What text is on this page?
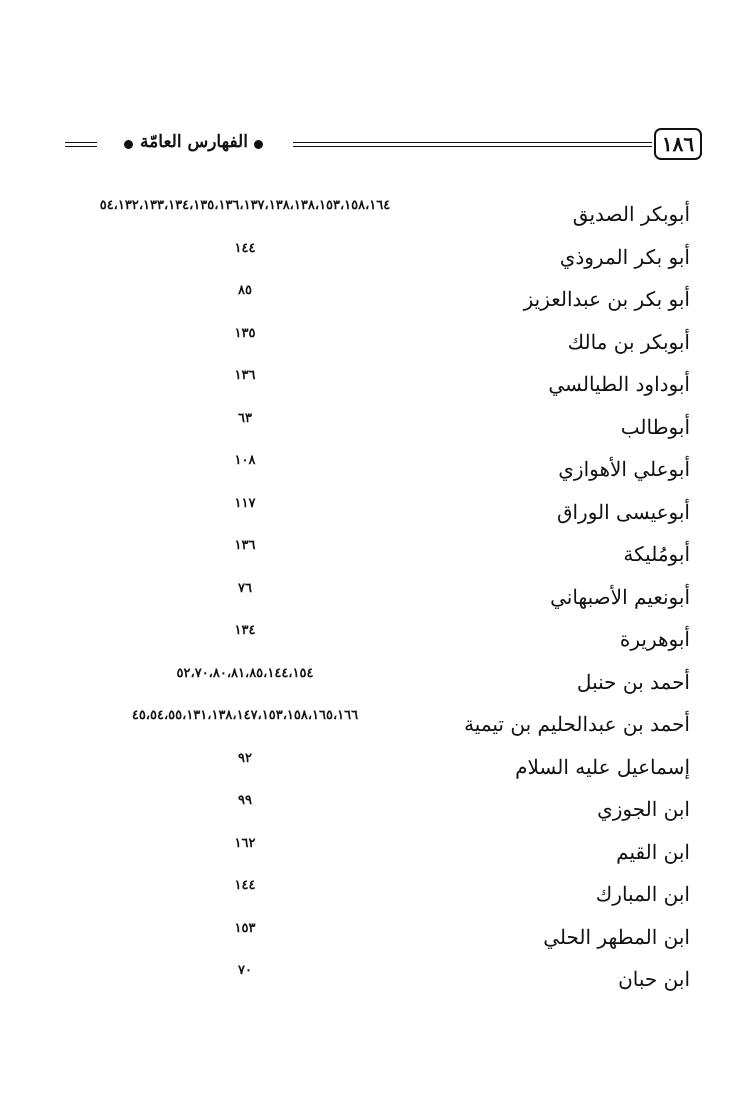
الفهارس العامّة	١٨٦
أبوبكر الصديق
٥٤،١٣٢،١٣٣،١٣٤،١٣٥،١٣٦،١٣٧،١٣٨،١٣٨،١٥٣،١٥٨،١٦٤
أبو بكر المروذي
١٤٤
أبو بكر بن عبدالعزيز
٨٥
أبوبكر بن مالك
١٣٥
أبوداود الطيالسي
١٣٦
أبوطالب
٦٣
أبوعلي الأهوازي
١٠٨
أبوعيسى الوراق
١١٧
أبومُليكة
١٣٦
أبونعيم الأصبهاني
٧٦
أبوهريرة
١٣٤
أحمد بن حنبل
٥٢،٧٠،٨٠،٨١،٨٥،١٤٤،١٥٤
أحمد بن عبدالحليم بن تيمية
٤٥،٥٤،٥٥،١٣١،١٣٨،١٤٧،١٥٣،١٥٨،١٦٥،١٦٦
إسماعيل عليه السلام
٩٢
ابن الجوزي
٩٩
ابن القيم
١٦٢
ابن المبارك
١٤٤
ابن المطهر الحلي
١٥٣
ابن حبان
٧٠
